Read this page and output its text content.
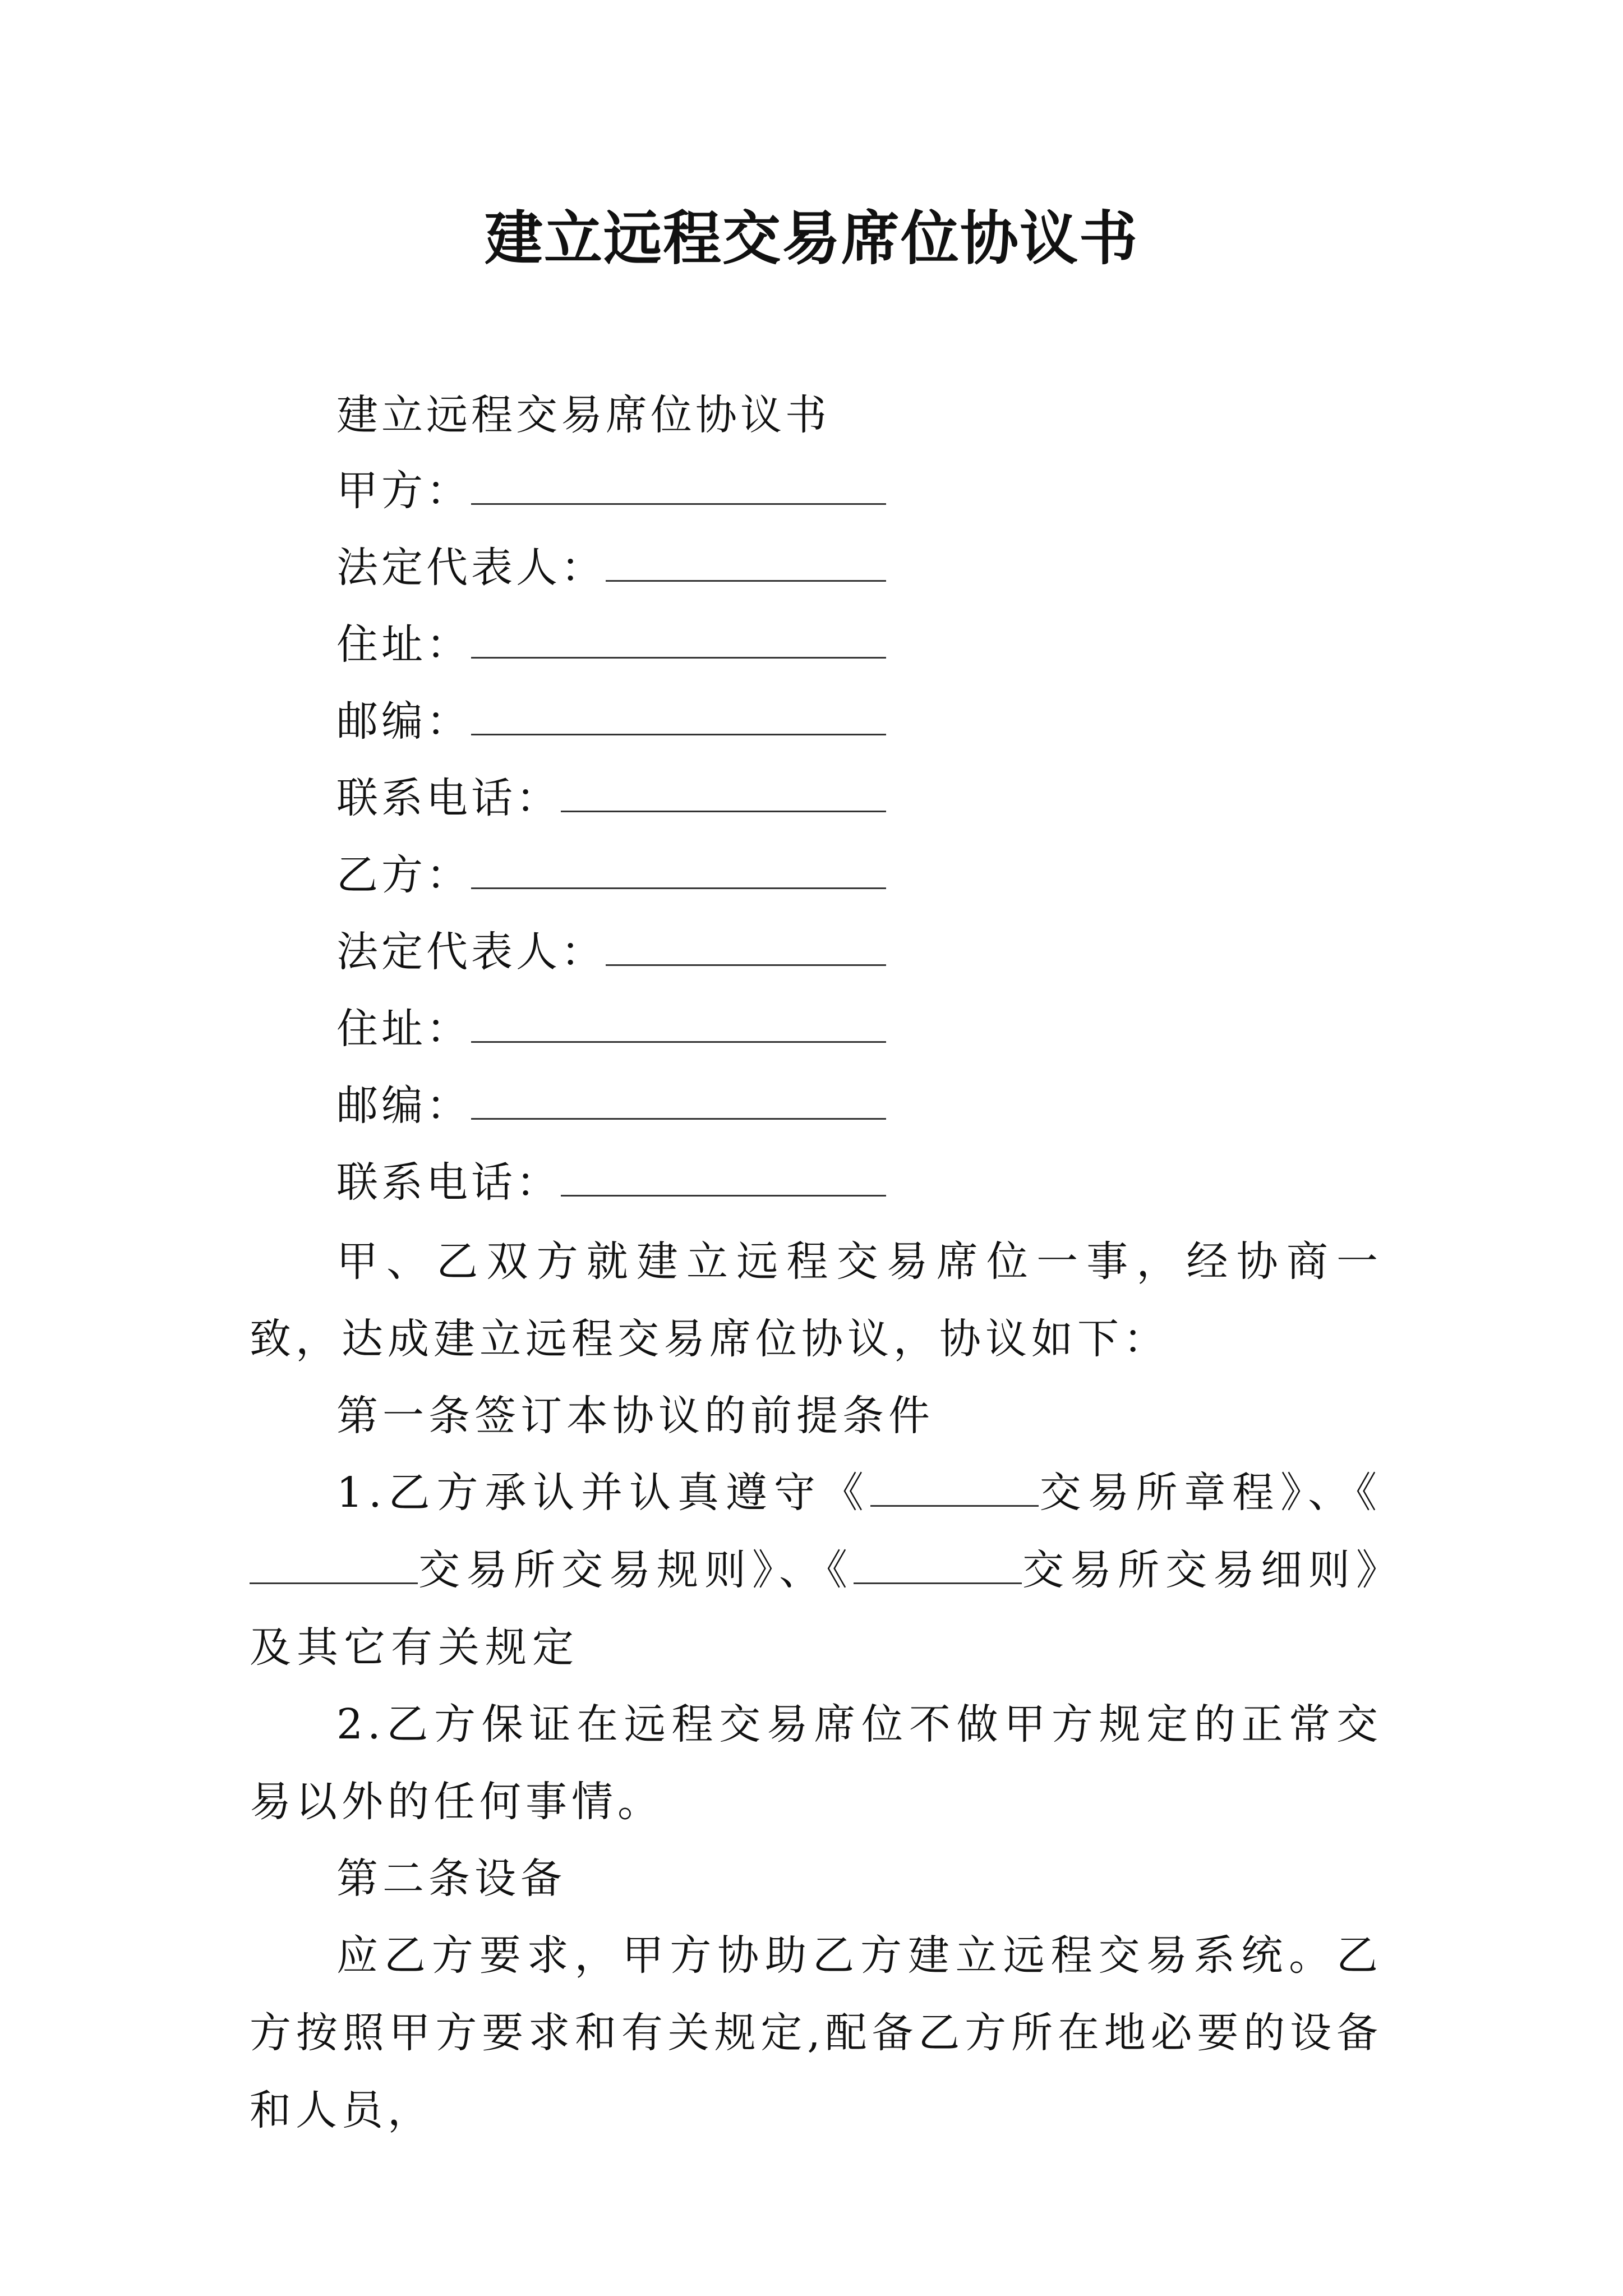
建立远程交易席位协议书
建立远程交易席位协议书
甲方：
法定代表人：
住址：
邮编：
联系电话：
乙方：
法定代表人：
住址：
邮编：
联系电话：

甲、乙双方就建立远程交易席位一事，经协商一致，达成建立远程交易席位协议，协议如下：

第一条签订本协议的前提条件

1.乙方承认并认真遵守《	交易所章程》、《交易所交易规则》、《	交易所交易细则》及其它有关规定

2.乙方保证在远程交易席位不做甲方规定的正常交易以外的任何事情。

第二条设备

应乙方要求，甲方协助乙方建立远程交易系统。乙方按照甲方要求和有关规定,配备乙方所在地必要的设备和人员，
